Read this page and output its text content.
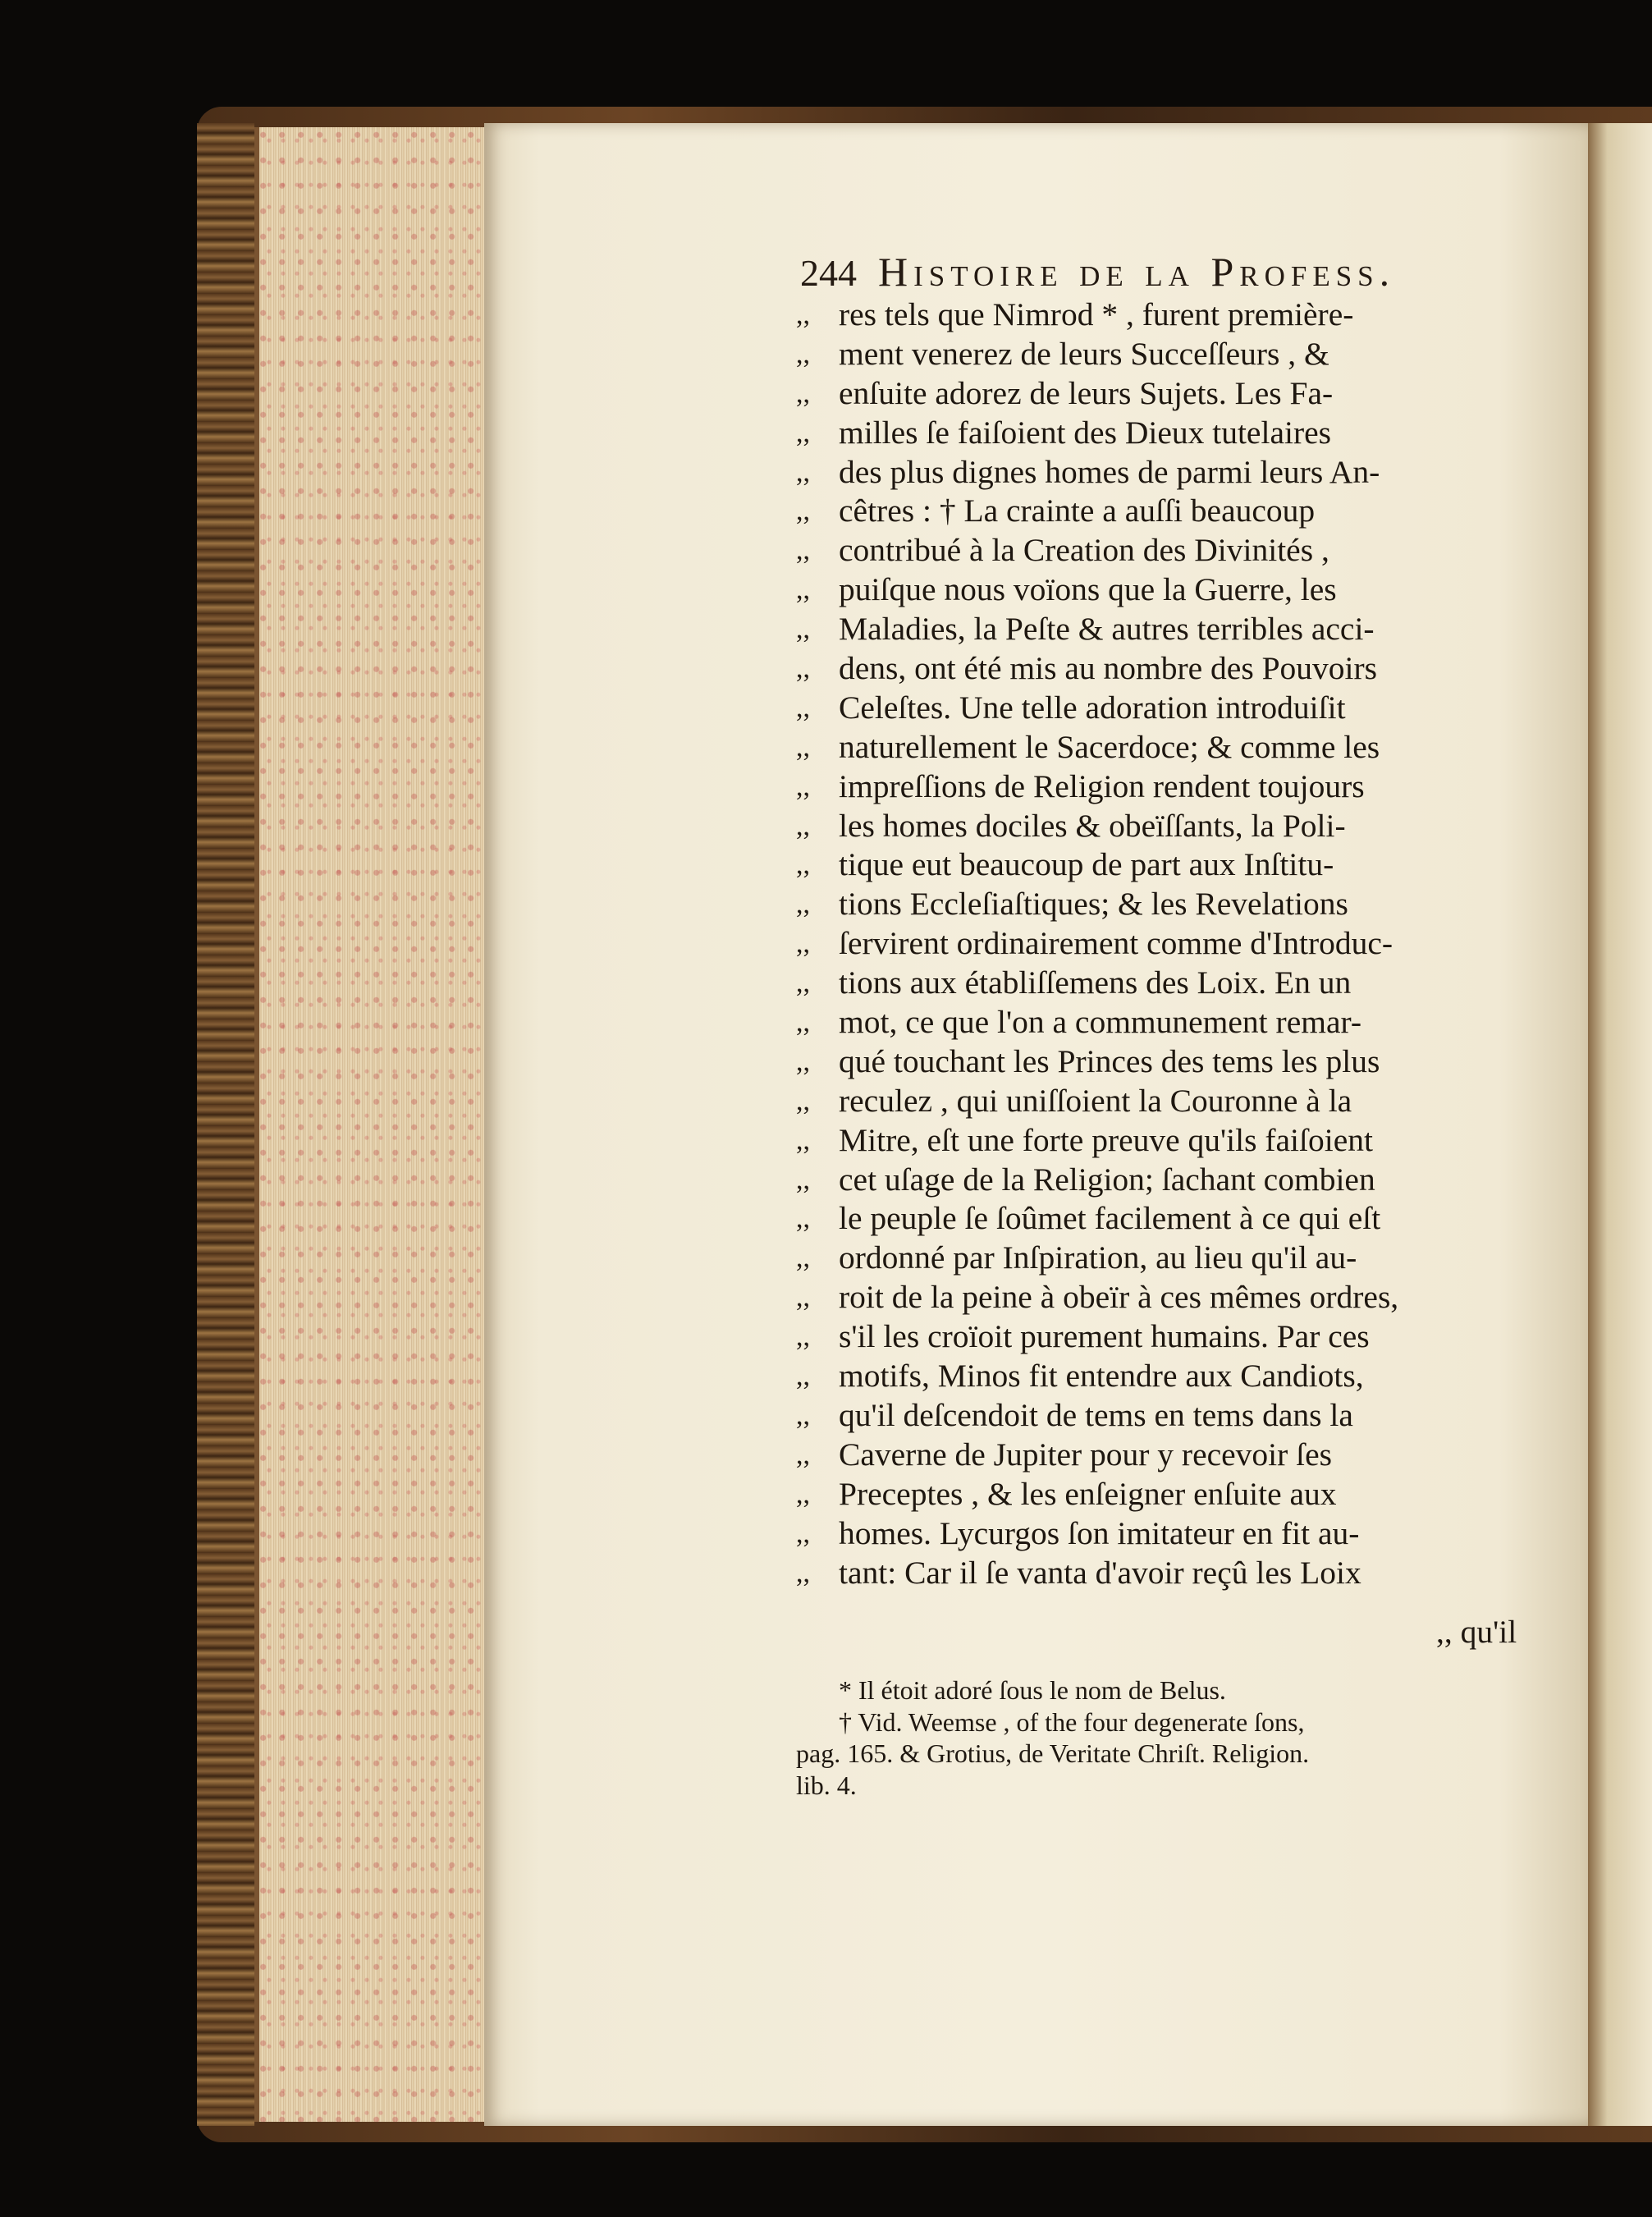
244 Histoire de la Profess.
,, res tels que Nimrod * , furent première-
,, ment venerez de leurs Succeſſeurs , &
,, enſuite adorez de leurs Sujets. Les Fa-
,, milles ſe faiſoient des Dieux tutelaires
,, des plus dignes homes de parmi leurs An-
,, cêtres : † La crainte a auſſi beaucoup
,, contribué à la Creation des Divinités ,
,, puiſque nous voïons que la Guerre, les
,, Maladies, la Peſte & autres terribles acci-
,, dens, ont été mis au nombre des Pouvoirs
,, Celeſtes. Une telle adoration introduiſit
,, naturellement le Sacerdoce; & comme les
,, impreſſions de Religion rendent toujours
,, les homes dociles & obeïſſants, la Poli-
,, tique eut beaucoup de part aux Inſtitu-
,, tions Eccleſiaſtiques; & les Revelations
,, ſervirent ordinairement comme d'Introduc-
,, tions aux établiſſemens des Loix. En un
,, mot, ce que l'on a communement remar-
,, qué touchant les Princes des tems les plus
,, reculez , qui uniſſoient la Couronne à la
,, Mitre, eſt une forte preuve qu'ils faiſoient
,, cet uſage de la Religion; ſachant combien
,, le peuple ſe ſoûmet facilement à ce qui eſt
,, ordonné par Inſpiration, au lieu qu'il au-
,, roit de la peine à obeïr à ces mêmes ordres,
,, s'il les croïoit purement humains. Par ces
,, motifs, Minos fit entendre aux Candiots,
,, qu'il deſcendoit de tems en tems dans la
,, Caverne de Jupiter pour y recevoir ſes
,, Preceptes , & les enſeigner enſuite aux
,, homes. Lycurgos ſon imitateur en fit au-
,, tant: Car il ſe vanta d'avoir reçû les Loix
,, qu'il
* Il étoit adoré ſous le nom de Belus.
† Vid. Weemse , of the four degenerate ſons,
pag. 165. & Grotius, de Veritate Chriſt. Religion.
lib. 4.
